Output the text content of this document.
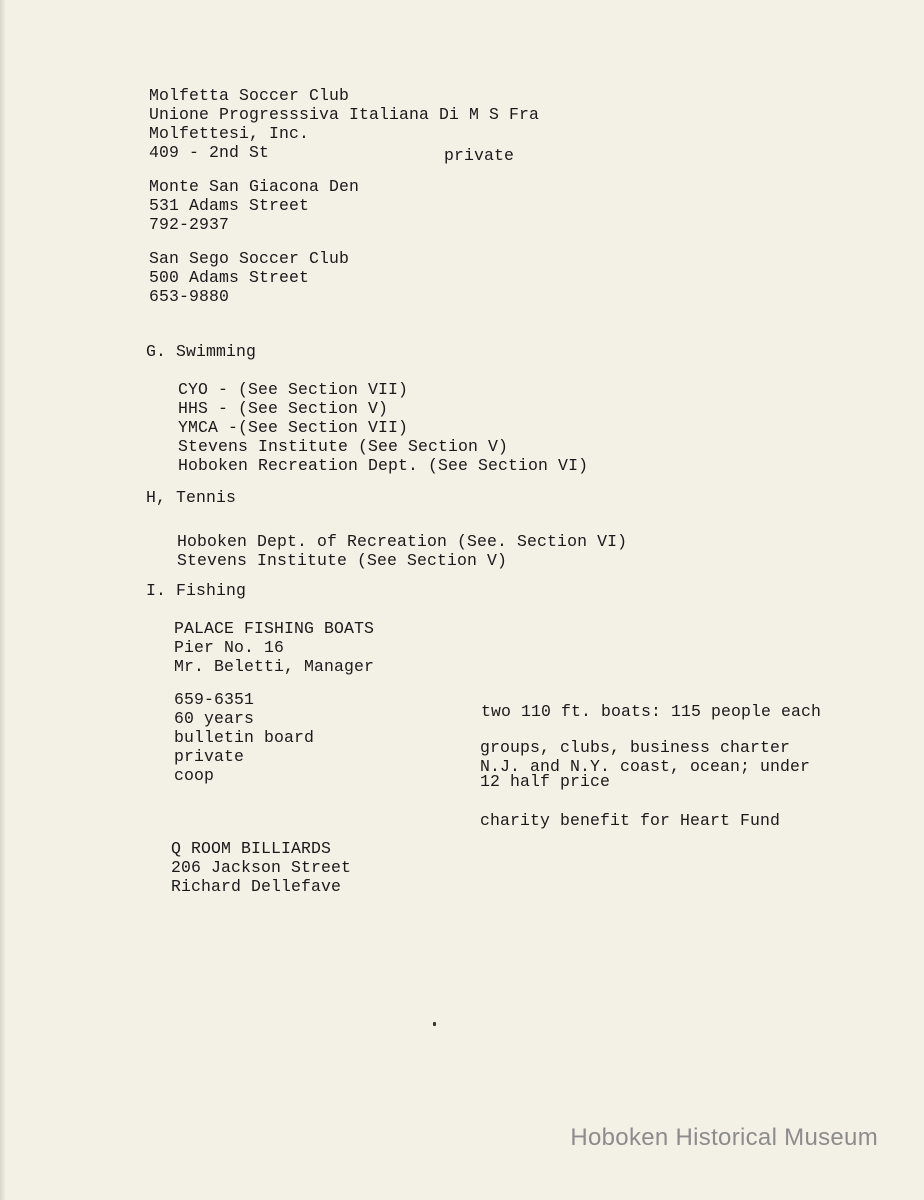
Molfetta Soccer Club
Unione Progresssiva Italiana Di M S Fra
Molfettesi, Inc.
409 - 2nd St
Monte San Giacona Den
531 Adams Street
792-2937
San Sego Soccer Club
500 Adams Street
653-9880
G. Swimming
CYO - (See Section VII)
HHS - (See Section V)
YMCA -(See Section VII)
Stevens Institute (See Section V)
Hoboken Recreation Dept. (See Section VI)
H, Tennis
Hoboken Dept. of Recreation (See. Section VI)
Stevens Institute (See Section V)
I. Fishing
PALACE FISHING BOATS
Pier No. 16
Mr. Beletti, Manager
659-6351
60 years
bulletin board
private
coop
Q ROOM BILLIARDS
206 Jackson Street
Richard Dellefave
private
two 110 ft. boats: 115 people each
groups, clubs, business charter
N.J. and N.Y. coast, ocean; under
12 half price
charity benefit for Heart Fund
Hoboken Historical Museum
